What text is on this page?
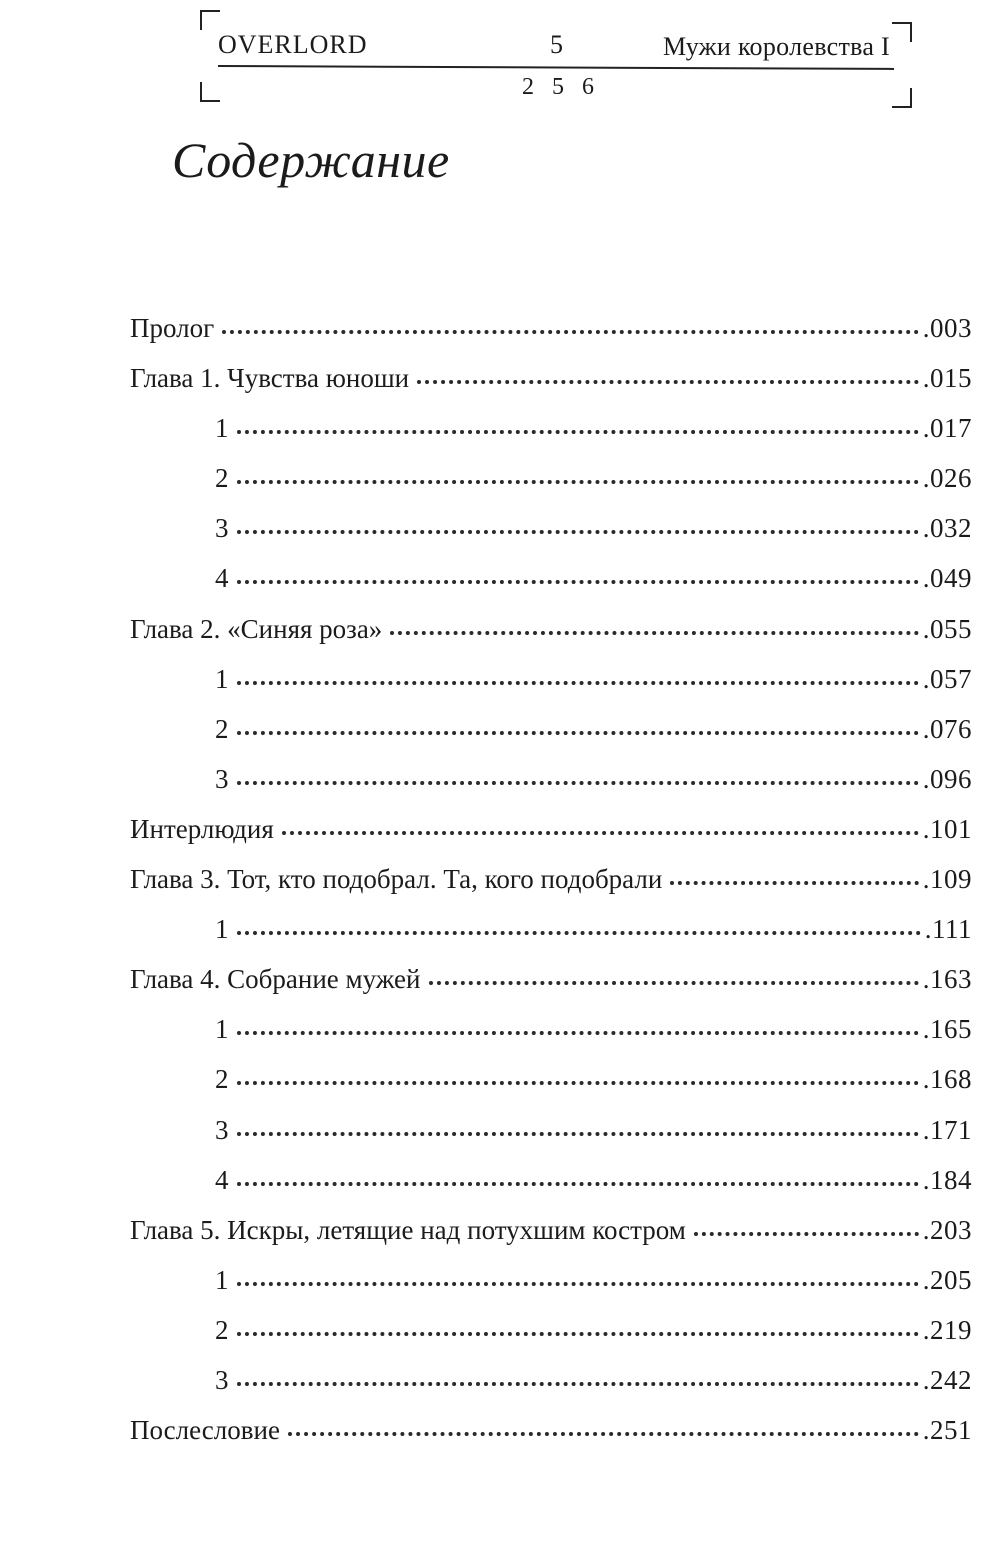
OVERLORD	5	Мужи королевства I
2 5 6
Содержание
Пролог	.003
Глава 1. Чувства юноши	.015
1	.017
2	.026
3	.032
4	.049
Глава 2. «Синяя роза»	.055
1	.057
2	.076
3	.096
Интерлюдия	.101
Глава 3. Тот, кто подобрал. Та, кого подобрали	.109
1	.111
Глава 4. Собрание мужей	.163
1	.165
2	.168
3	.171
4	.184
Глава 5. Искры, летящие над потухшим костром	.203
1	.205
2	.219
3	.242
Послесловие	.251
